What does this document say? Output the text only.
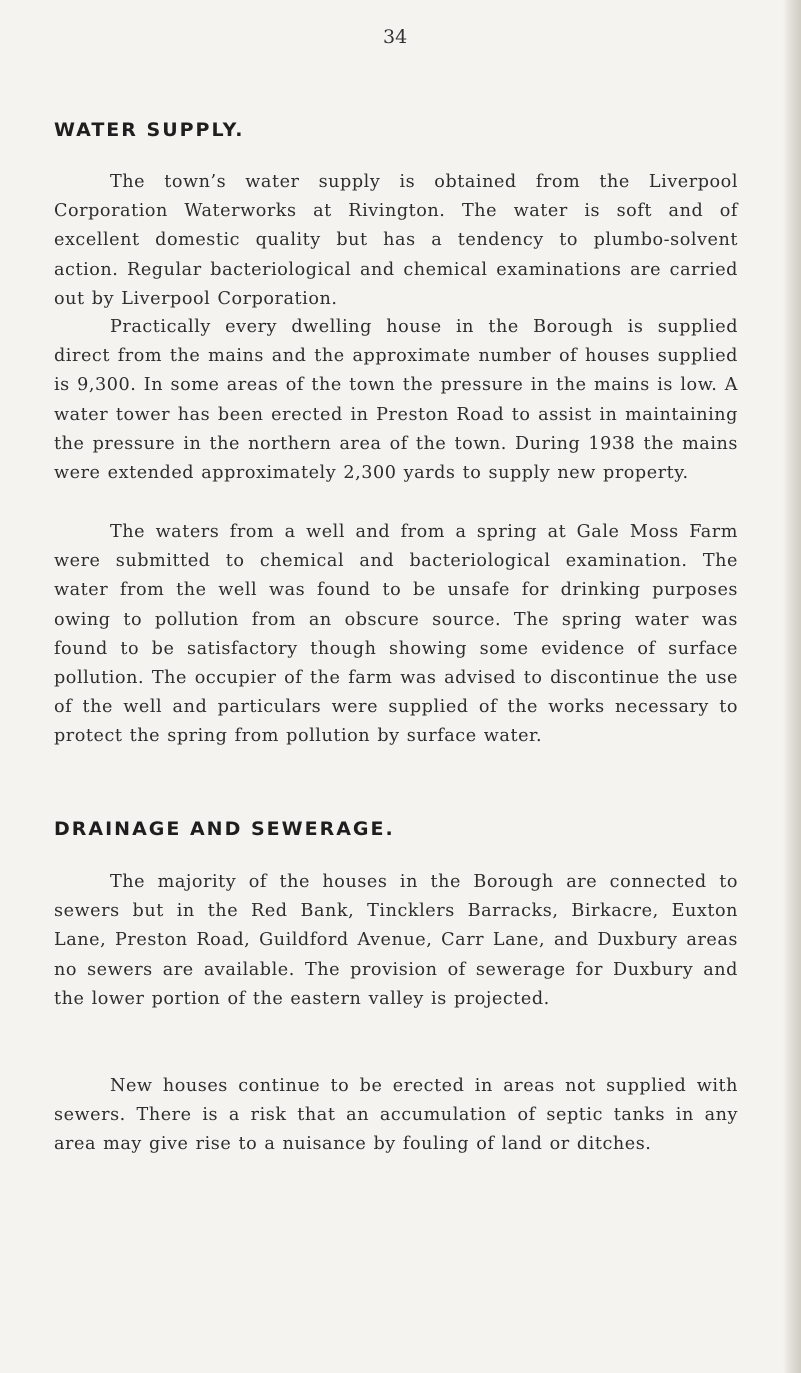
34
WATER SUPPLY.

The town’s water supply is obtained from the Liverpool Corporation Waterworks at Rivington. The water is soft and of excellent domestic quality but has a tendency to plumbo-solvent action. Regular bacteriological and chemical examinations are carried out by Liverpool Corporation.

Practically every dwelling house in the Borough is supplied direct from the mains and the approximate number of houses supplied is 9,300. In some areas of the town the pressure in the mains is low. A water tower has been erected in Preston Road to assist in maintaining the pressure in the northern area of the town. During 1938 the mains were extended approximately 2,300 yards to supply new property.

The waters from a well and from a spring at Gale Moss Farm were submitted to chemical and bacteriological examination. The water from the well was found to be unsafe for drinking purposes owing to pollution from an obscure source. The spring water was found to be satisfactory though showing some evidence of surface pollution. The occupier of the farm was advised to discontinue the use of the well and particulars were supplied of the works necessary to protect the spring from pollution by surface water.

DRAINAGE AND SEWERAGE.

The majority of the houses in the Borough are connected to sewers but in the Red Bank, Tincklers Barracks, Birkacre, Euxton Lane, Preston Road, Guildford Avenue, Carr Lane, and Duxbury areas no sewers are available. The provision of sewerage for Duxbury and the lower portion of the eastern valley is projected.

New houses continue to be erected in areas not supplied with sewers. There is a risk that an accumulation of septic tanks in any area may give rise to a nuisance by fouling of land or ditches.
